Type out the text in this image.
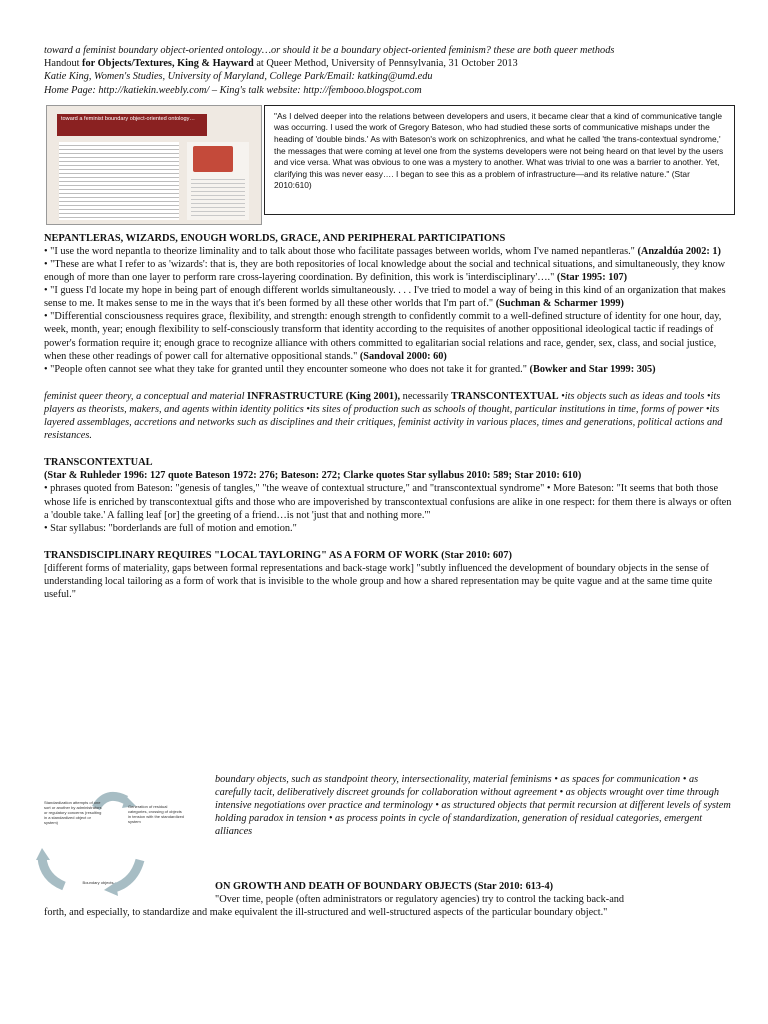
toward a feminist boundary object-oriented ontology…or should it be a boundary object-oriented feminism? these are both queer methods
Handout for Objects/Textures, King & Hayward at Queer Method, University of Pennsylvania, 31 October 2013
Katie King, Women's Studies, University of Maryland, College Park/Email: katking@umd.edu
Home Page: http://katiekin.weebly.com/ – King's talk website: http://fembooo.blogspot.com
toward a feminist boundary object-oriented ontology…	"As I delved deeper into the relations between developers and users, it became clear that a kind of communicative tangle was occurring. I used the work of Gregory Bateson, who had studied these sorts of communicative mishaps under the heading of 'double binds.' As with Bateson's work on schizophrenics, and what he called 'the trans-contextual syndrome,' the messages that were coming at level one from the systems developers were not being heard on that level by the users and vice versa. What was obvious to one was a mystery to another. What was trivial to one was a barrier to another. Yet, clarifying this was never easy…. I began to see this as a problem of infrastructure—and its relative nature." (Star 2010:610)
NEPANTLERAS, WIZARDS, ENOUGH WORLDS, GRACE, AND PERIPHERAL PARTICIPATIONS

• "I use the word nepantla to theorize liminality and to talk about those who facilitate passages between worlds, whom I've named nepantleras." (Anzaldúa 2002: 1)

• "These are what I refer to as 'wizards': that is, they are both repositories of local knowledge about the social and technical situations, and simultaneously, they know enough of more than one layer to perform rare cross-layering coordination. By definition, this work is 'interdisciplinary'…." (Star 1995: 107)

• "I guess I'd locate my hope in being part of enough different worlds simultaneously. . . . I've tried to model a way of being in this kind of an organization that makes sense to me. It makes sense to me in the ways that it's been formed by all these other worlds that I'm part of." (Suchman & Scharmer 1999)

• "Differential consciousness requires grace, flexibility, and strength: enough strength to confidently commit to a well-defined structure of identity for one hour, day, week, month, year; enough flexibility to self-consciously transform that identity according to the requisites of another oppositional ideological tactic if readings of power's formation require it; enough grace to recognize alliance with others committed to egalitarian social relations and race, gender, sex, class, and social justice, when these other readings of power call for alternative oppositional stands." (Sandoval 2000: 60)

• "People often cannot see what they take for granted until they encounter someone who does not take it for granted." (Bowker and Star 1999: 305)

feminist queer theory, a conceptual and material INFRASTRUCTURE (King 2001), necessarily TRANSCONTEXTUAL •its objects such as ideas and tools •its players as theorists, makers, and agents within identity politics •its sites of production such as schools of thought, particular institutions in time, forms of power •its layered assemblages, accretions and networks such as disciplines and their critiques, feminist activity in various places, times and generations, political actions and resistances.

TRANSCONTEXTUAL

(Star & Ruhleder 1996: 127 quote Bateson 1972: 276; Bateson: 272; Clarke quotes Star syllabus 2010: 589; Star 2010: 610)

• phrases quoted from Bateson: "genesis of tangles," "the weave of contextual structure," and "transcontextual syndrome" • More Bateson: "It seems that both those whose life is enriched by transcontextual gifts and those who are impoverished by transcontextual confusions are alike in one respect: for them there is always or often a 'double take.' A falling leaf [or] the greeting of a friend…is not 'just that and nothing more.'"

• Star syllabus: "borderlands are full of motion and emotion."

TRANSDISCIPLINARY REQUIRES "LOCAL TAYLORING" AS A FORM OF WORK (Star 2010: 607)

[different forms of materiality, gaps between formal representations and back-stage work] "subtly influenced the development of boundary objects in the sense of understanding local tailoring as a form of work that is invisible to the whole group and how a shared representation may be quite vague and at the same time quite useful."

Standardization attempts of one sort or another by administrators or regulatory concerns (resulting in a standardized object or system)
Generation of residual categories, crossing of objects in tension with the standardized system
Boundary objects
boundary objects, such as standpoint theory, intersectionality, material feminisms • as spaces for communication • as carefully tacit, deliberatively discreet grounds for collaboration without agreement • as objects wrought over time through intensive negotiations over practice and terminology • as structured objects that permit recursion at different levels of system holding paradox in tension • as process points in cycle of standardization, generation of residual categories, emergent alliances
ON GROWTH AND DEATH OF BOUNDARY OBJECTS (Star 2010: 613-4)
"Over time, people (often administrators or regulatory agencies) try to control the tacking back-and
forth, and especially, to standardize and make equivalent the ill-structured and well-structured aspects of the particular boundary object."
